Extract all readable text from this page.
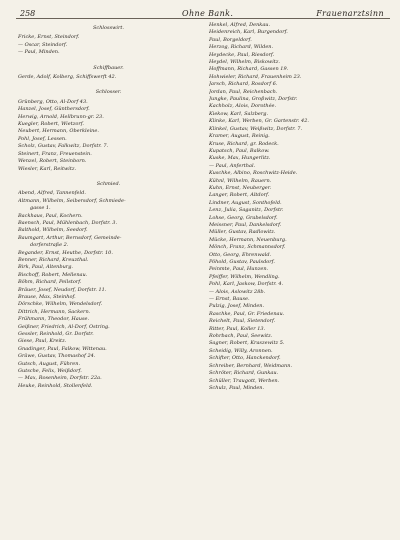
258	Ohne Bank.	Frauenarztsinn
Schlosswirt.
Fricke, Ernst, Steindorf.
— Oscar, Steindorf.
— Paul, Minden.
Schiffbauer.
Gerde, Adolf, Kolberg, Schiffswerft 42.
Schlosser.
Grünberg, Otto, Al-Dorf 43.
Hanzel, Josef, Günthersdorf.
Herwig, Arnold, Hellbrunn-gr. 23.
Kuegler, Robert, Wietzorf.
Neubert, Hermann, Oberkleine.
Pohl, Josef, Lessen.
Scholz, Gustav, Falkwitz, Dorfstr. 7.
Steinert, Franz, Freuenstein.
Wenzel, Robert, Steinborn.
Wiesler, Karl, Reitwitz.
Schmied.
Abend, Alfred, Tannenfeld.
Altmann, Wilhelm, Seibersdorf, Schmiede-
gasse 1.
Backhaus, Paul, Kochern.
Baensch, Paul, Mühlenbach, Dorfstr. 3.
Balthold, Wilhelm, Seedorf.
Baumgart, Arthur, Bernsdorf, Gemeinde-
dorferstraße 2.
Begander, Ernst, Heuthe, Dorfstr. 10.
Benner, Richard, Kreuzthal.
Birk, Paul, Altenburg.
Bischoff, Robert, Mellenau.
Böhm, Richard, Peilstorf.
Bräuer, Josef, Neudorf, Dorfstr. 11.
Brause, Max, Steinhof.
Dörschke, Wilhelm, Wendelsdorf.
Dittrich, Hermann, Sackern.
Frühmann, Theodor, Hause.
Geißner, Friedrich, Al-Dorf, Ostring.
Gessler, Reinhold, Gr. Dorfstr.
Giese, Paul, Kreitz.
Gnadinger, Paul, Falkow, Wittenau.
Gräwe, Gustav, Thomashof 24.
Gutsch, August, Führen.
Gutsche, Felix, Weißdorf.
— Max, Rosenheim, Dorfstr. 22a.
Heuke, Reinhold, Stollenfeld.
Henkel, Alfred, Denkau.
Heidenreich, Karl, Burgendorf.
Paul, Borgeldorf.
Herzog, Richard, Wilden.
Heydecke, Paul, Riesdorf.
Heydel, Wilhelm, Biskowitz.
Hoffmann, Richard, Gassen 19.
Hohwieler, Richard, Frauenheim 23.
Jarsch, Richard, Rosdorf 6.
Jordan, Paul, Reichenbach.
Jungke, Paulina, Großwitz, Dorfstr.
Kachholz, Alois, Dorothée.
Kiekow, Karl, Salzberg.
Klinke, Karl, Werben, Gr. Gartenstr. 42.
Klinkel, Gustav, Weißwitz, Dorfstr. 7.
Kramer, August, Reinig.
Kruse, Richard, gr. Rodeck.
Kupatsch, Paul, Balkow.
Kuske, Max, Hungerlitz.
— Paul, Anferthal.
Kuschke, Albino, Roschwitz-Heide.
Kühnl, Wilhelm, Rauern.
Kuhn, Ernst, Neuberger.
Langer, Robert, Altdorf.
Lindner, August, Sonthofeld.
Lenz, Julia, Saganitz, Dorfstr.
Lohse, Georg, Grabelsdorf.
Meissner, Paul, Dankelsdorf.
Müller, Gustav, Radlowitz.
Mücke, Hermann, Neuenburg.
Mönch, Franz, Schmannsdorf.
Otto, Georg, Ehrenwald.
Pöhold, Gustav, Paulsdorf.
Peinmte, Paul, Hunzen.
Pfeiffer, Wilhelm, Wendling.
Pohl, Karl, Jaskow, Dorfstr. 4.
— Alois, Aslowitz 28b.
— Ernst, Bause.
Pulzig, Josef, Minden.
Raschke, Paul, Gr. Friedenau.
Reichelt, Paul, Sietendorf.
Ritter, Paul, Koller 13.
Rohrbach, Paul, Seewitz.
Sagner, Robert, Kraszewitz 5.
Scheidig, Willy, Aronnen.
Schifter, Otto, Hanckendorf.
Schreiber, Bernhard, Weidmann.
Schröter, Richard, Gunkau.
Schüller, Traugott, Werben.
Schulz, Paul, Minden.
